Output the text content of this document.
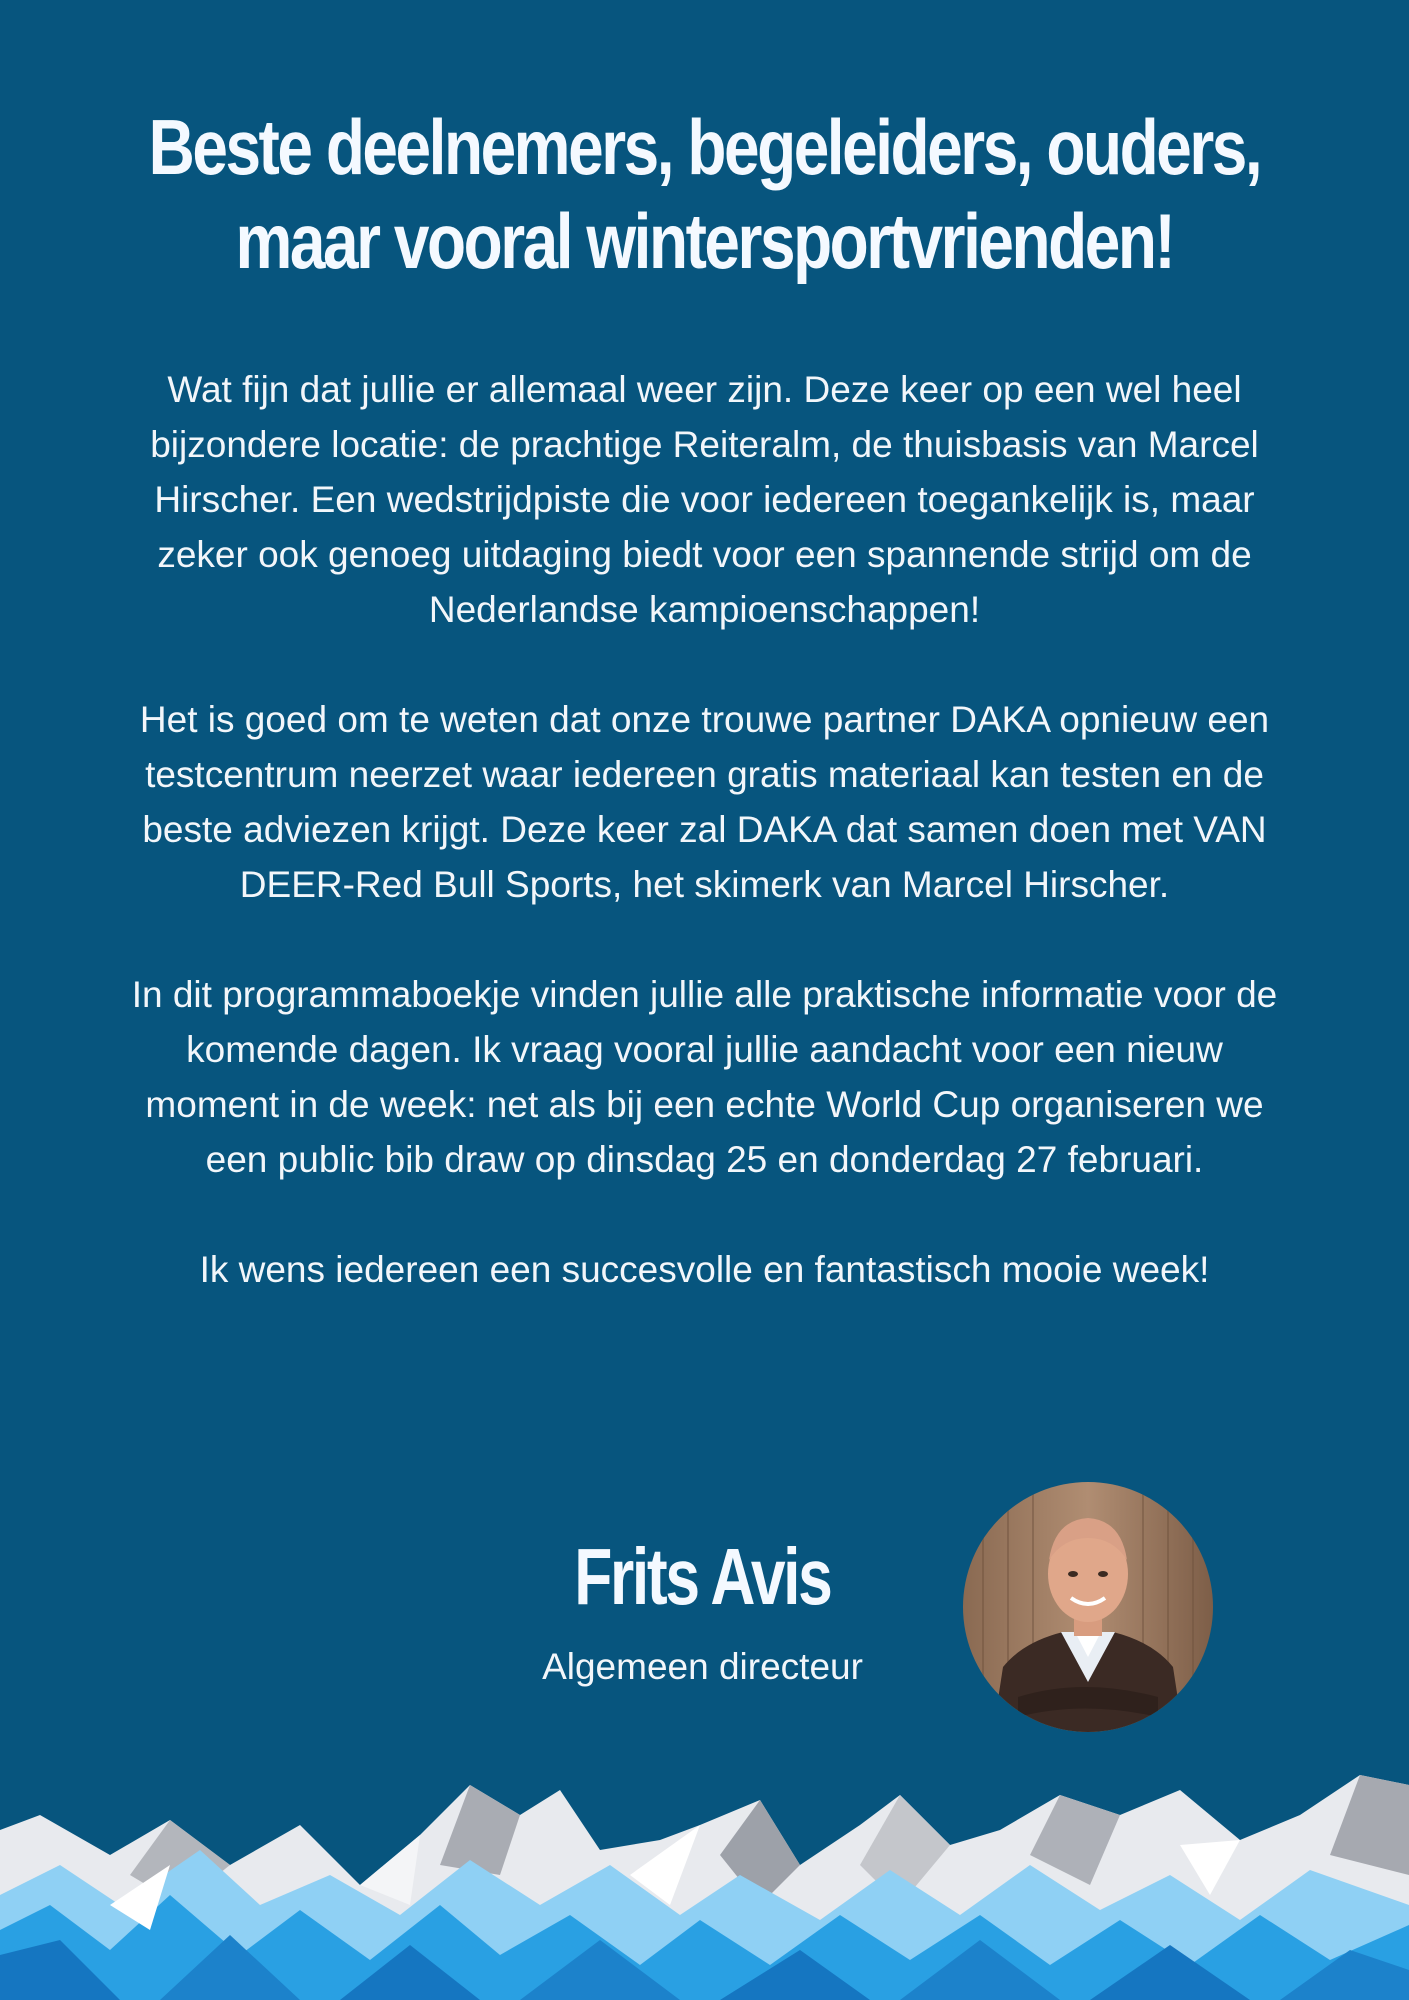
Beste deelnemers, begeleiders, ouders,
maar vooral wintersportvrienden!

Wat fijn dat jullie er allemaal weer zijn. Deze keer op een wel heel bijzondere locatie: de prachtige Reiteralm, de thuisbasis van Marcel Hirscher. Een wedstrijdpiste die voor iedereen toegankelijk is, maar zeker ook genoeg uitdaging biedt voor een spannende strijd om de Nederlandse kampioenschappen!

Het is goed om te weten dat onze trouwe partner DAKA opnieuw een testcentrum neerzet waar iedereen gratis materiaal kan testen en de beste adviezen krijgt. Deze keer zal DAKA dat samen doen met VAN DEER-Red Bull Sports, het skimerk van Marcel Hirscher.

In dit programmaboekje vinden jullie alle praktische informatie voor de komende dagen. Ik vraag vooral jullie aandacht voor een nieuw moment in de week: net als bij een echte World Cup organiseren we een public bib draw op dinsdag 25 en donderdag 27 februari.

Ik wens iedereen een succesvolle en fantastisch mooie week!

Frits Avis
Algemeen directeur
